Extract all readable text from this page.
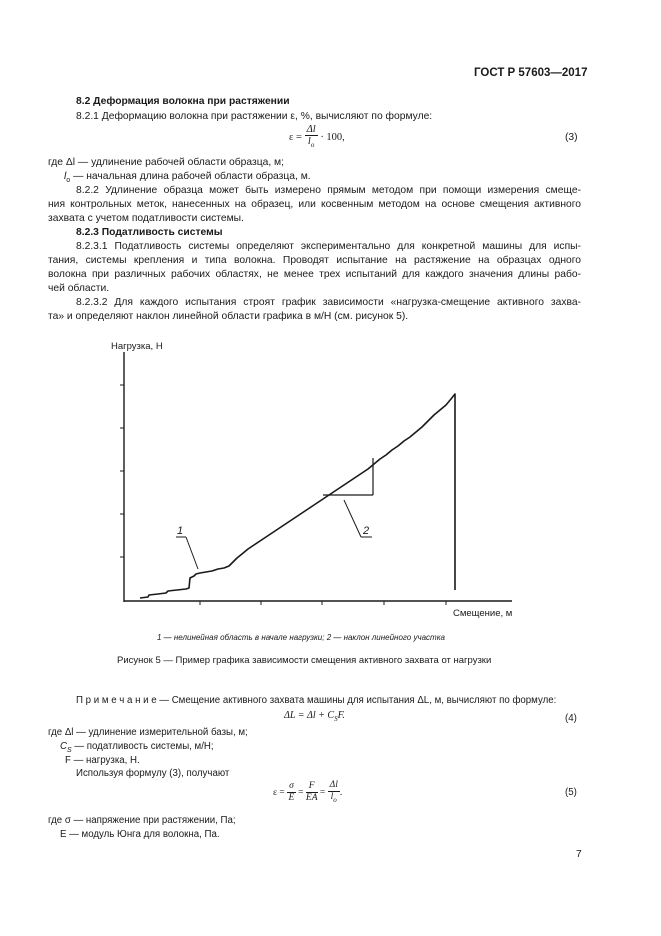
ГОСТ Р 57603—2017
8.2 Деформация волокна при растяжении
8.2.1 Деформацию волокна при растяжении ε, %, вычисляют по формуле:
$\varepsilon = \frac{\Delta l}{l_o} \cdot 100$,	(3)
где Δl — удлинение рабочей области образца, м;
$l_o$ — начальная длина рабочей области образца, м.
8.2.2 Удлинение образца может быть измерено прямым методом при помощи измерения смеще-
ния контрольных меток, нанесенных на образец, или косвенным методом на основе смещения активного
захвата с учетом податливости системы.
8.2.3 Податливость системы
8.2.3.1 Податливость системы определяют экспериментально для конкретной машины для испы-
тания, системы крепления и типа волокна. Проводят испытание на растяжение на образцах одного
волокна при различных рабочих областях, не менее трех испытаний для каждого значения длины рабо-
чей области.
8.2.3.2 Для каждого испытания строят график зависимости «нагрузка-смещение активного захва-
та» и определяют наклон линейной области графика в м/Н (см. рисунок 5).
Нагрузка, Н
Смещение, м
1	2
1 — нелинейная область в начале нагрузки; 2 — наклон линейного участка
Рисунок 5 — Пример графика зависимости смещения активного захвата от нагрузки
П р и м е ч а н и е — Смещение активного захвата машины для испытания ΔL, м, вычисляют по формуле:
$\Delta L = \Delta l + C_SF$.	(4)
где Δl — удлинение измерительной базы, м;
$C_S$ — податливость системы, м/Н;
F — нагрузка, Н.
Используя формулу (3), получают
$\varepsilon = \frac{\sigma}{E} = \frac{F}{EA} = \frac{\Delta l}{l_o}$ .	(5)
где σ — напряжение при растяжении, Па;
E — модуль Юнга для волокна, Па.
7
